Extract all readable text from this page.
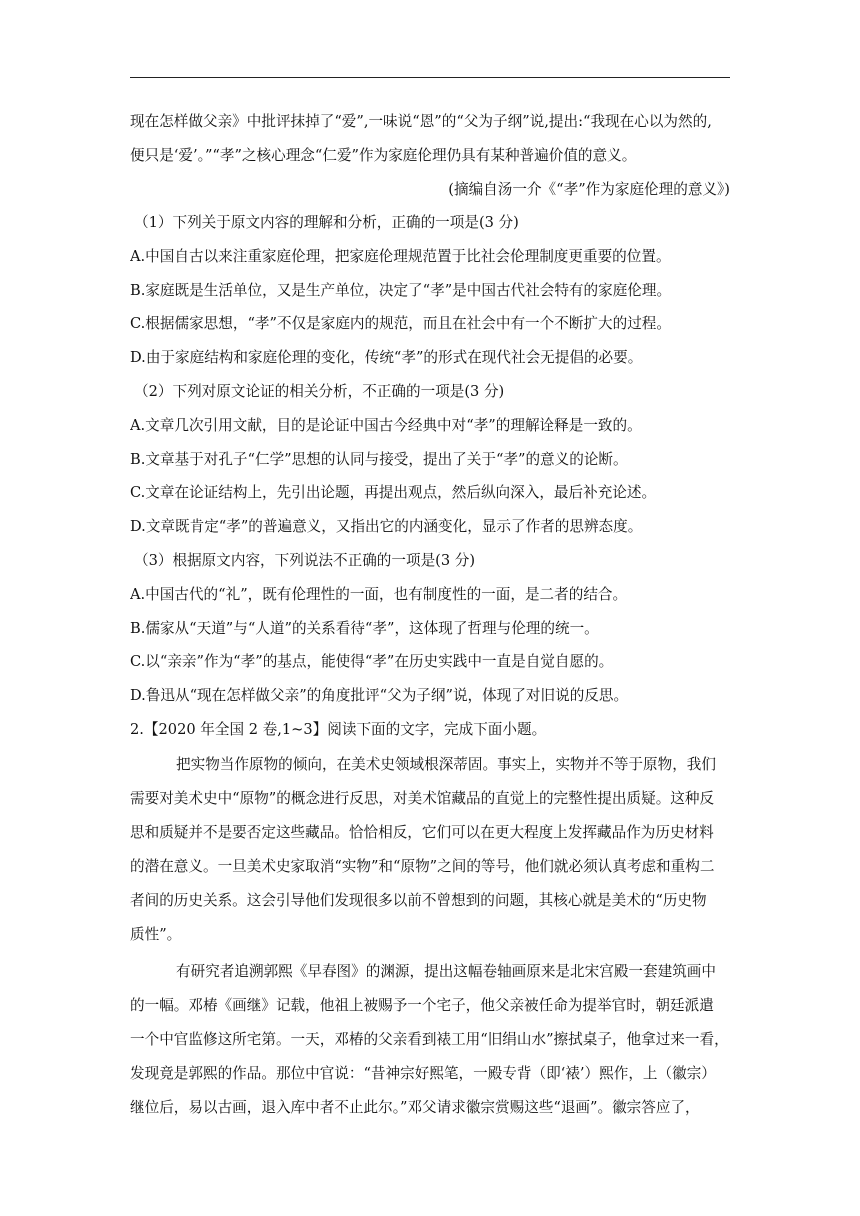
现在怎样做父亲》中批评抹掉了“爱”,一味说“恩”的“父为子纲”说,提出:“我现在心以为然的,
便只是‘爱’。”“孝”之核心理念“仁爱”作为家庭伦理仍具有某种普遍价值的意义。
(摘编自汤一介《“孝”作为家庭伦理的意义》)
（1）下列关于原文内容的理解和分析，正确的一项是(3 分)
A.中国自古以来注重家庭伦理，把家庭伦理规范置于比社会伦理制度更重要的位置。
B.家庭既是生活单位，又是生产单位，决定了“孝”是中国古代社会特有的家庭伦理。
C.根据儒家思想，“孝”不仅是家庭内的规范，而且在社会中有一个不断扩大的过程。
D.由于家庭结构和家庭伦理的变化，传统“孝”的形式在现代社会无提倡的必要。
（2）下列对原文论证的相关分析，不正确的一项是(3 分)
A.文章几次引用文献，目的是论证中国古今经典中对“孝”的理解诠释是一致的。
B.文章基于对孔子“仁学”思想的认同与接受，提出了关于“孝”的意义的论断。
C.文章在论证结构上，先引出论题，再提出观点，然后纵向深入，最后补充论述。
D.文章既肯定“孝”的普遍意义，又指出它的内涵变化，显示了作者的思辨态度。
（3）根据原文内容，下列说法不正确的一项是(3 分)
A.中国古代的“礼”，既有伦理性的一面，也有制度性的一面，是二者的结合。
B.儒家从“天道”与“人道”的关系看待“孝”，这体现了哲理与伦理的统一。
C.以“亲亲”作为“孝”的基点，能使得“孝”在历史实践中一直是自觉自愿的。
D.鲁迅从“现在怎样做父亲”的角度批评“父为子纲”说，体现了对旧说的反思。
2.【2020 年全国 2 卷,1~3】阅读下面的文字，完成下面小题。
把实物当作原物的倾向，在美术史领域根深蒂固。事实上，实物并不等于原物，我们
需要对美术史中“原物”的概念进行反思，对美术馆藏品的直觉上的完整性提出质疑。这种反
思和质疑并不是要否定这些藏品。恰恰相反，它们可以在更大程度上发挥藏品作为历史材料
的潜在意义。一旦美术史家取消“实物”和“原物”之间的等号，他们就必须认真考虑和重构二
者间的历史关系。这会引导他们发现很多以前不曾想到的问题，其核心就是美术的“历史物
质性”。
有研究者追溯郭熙《早春图》的渊源，提出这幅卷轴画原来是北宋宫殿一套建筑画中
的一幅。邓椿《画继》记载，他祖上被赐予一个宅子，他父亲被任命为提举官时，朝廷派遣
一个中官监修这所宅第。一天，邓椿的父亲看到裱工用“旧绢山水”擦拭桌子，他拿过来一看，
发现竟是郭熙的作品。那位中官说：“昔神宗好熙笔，一殿专背（即‘裱’）熙作，上（徽宗）
继位后，易以古画，退入库中者不止此尔。”邓父请求徽宗赏赐这些“退画”。徽宗答应了，
